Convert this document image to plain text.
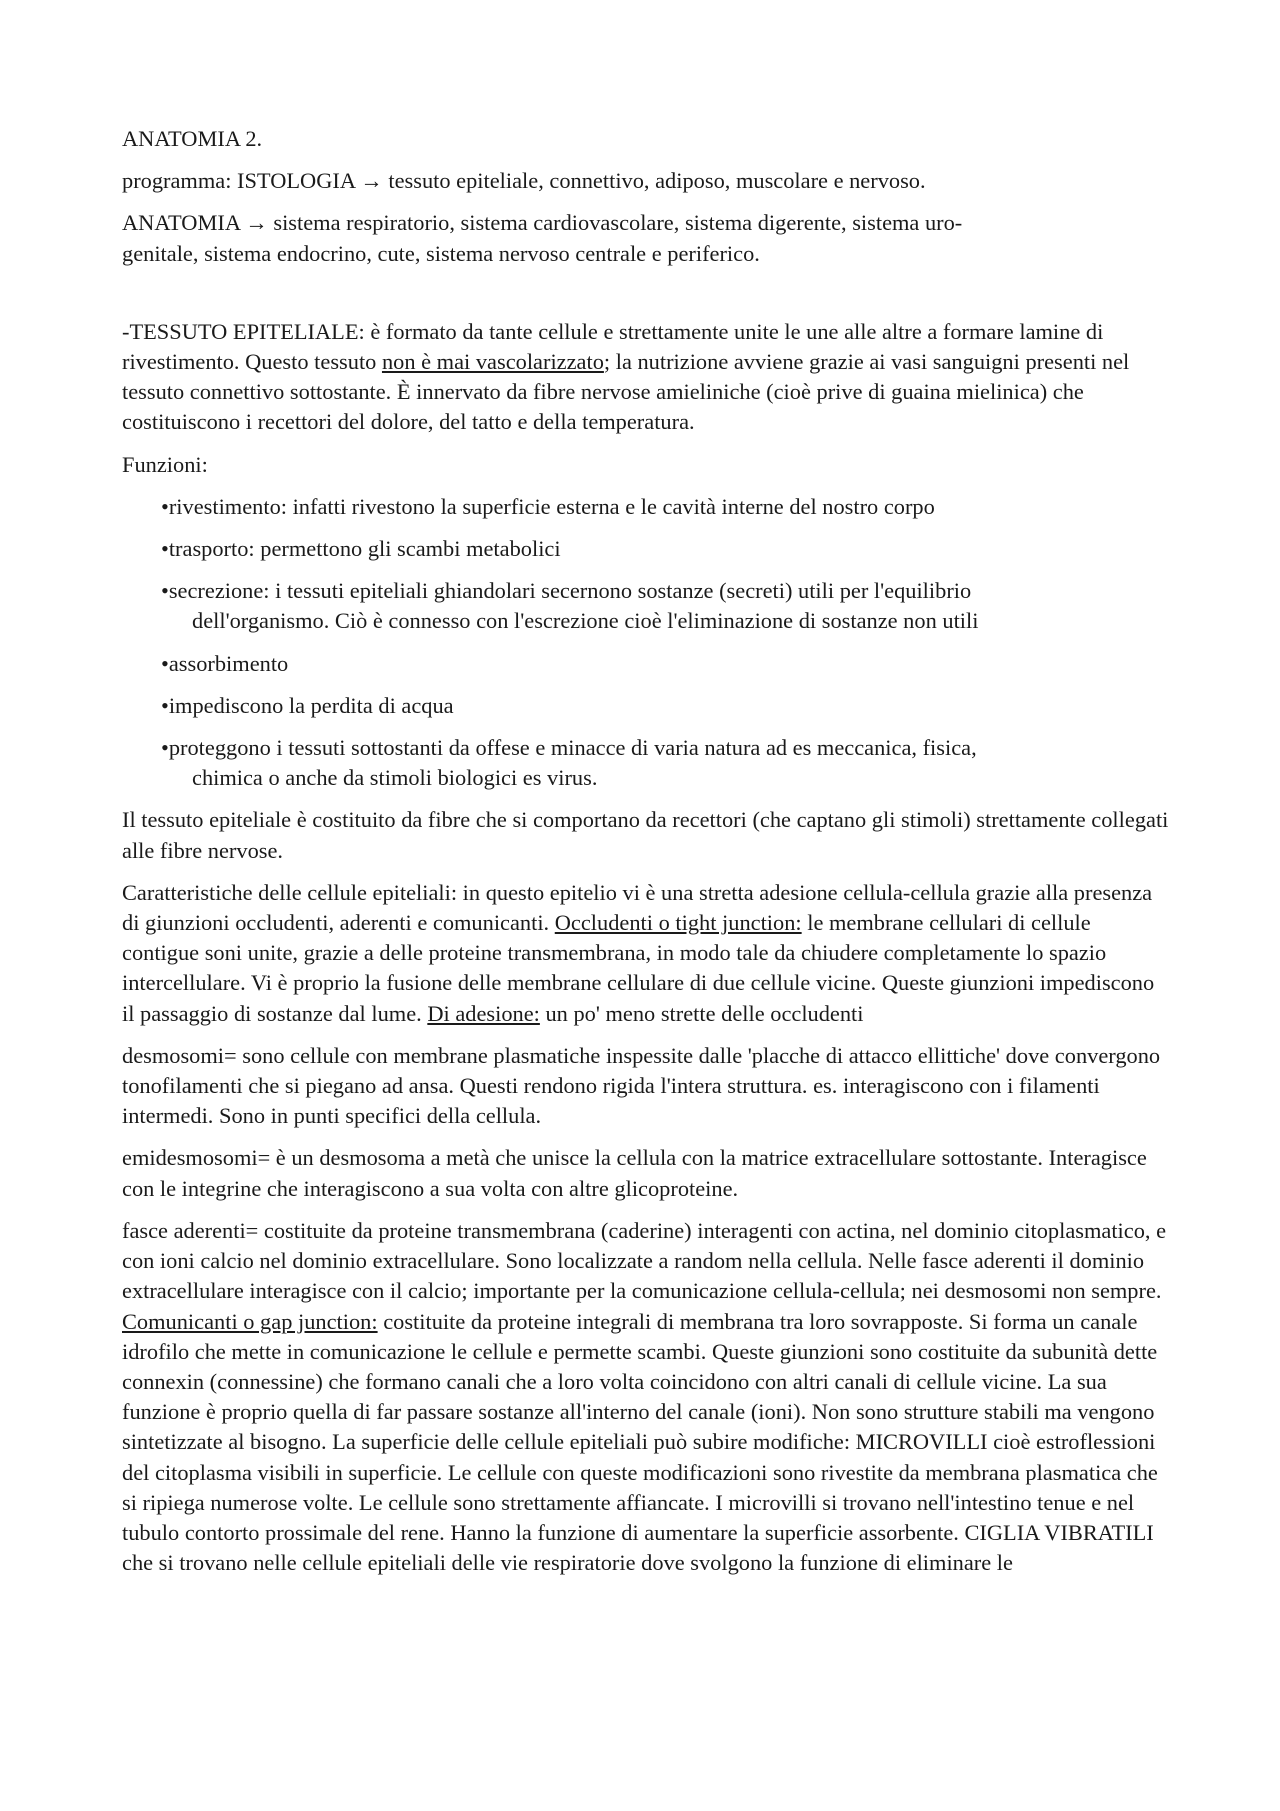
ANATOMIA 2.

programma: ISTOLOGIA → tessuto epiteliale, connettivo, adiposo, muscolare e nervoso.

ANATOMIA → sistema respiratorio, sistema cardiovascolare, sistema digerente, sistema uro-
genitale, sistema endocrino, cute, sistema nervoso centrale e periferico.

-TESSUTO EPITELIALE: è formato da tante cellule e strettamente unite le une alle altre a formare lamine di rivestimento. Questo tessuto non è mai vascolarizzato; la nutrizione avviene grazie ai vasi sanguigni presenti nel tessuto connettivo sottostante. È innervato da fibre nervose amieliniche (cioè prive di guaina mielinica) che costituiscono i recettori del dolore, del tatto e della temperatura.

Funzioni:

•rivestimento: infatti rivestono la superficie esterna e le cavità interne del nostro corpo
•trasporto: permettono gli scambi metabolici
•secrezione: i tessuti epiteliali ghiandolari secernono sostanze (secreti) utili per l'equilibrio
dell'organismo. Ciò è connesso con l'escrezione cioè l'eliminazione di sostanze non utili
•assorbimento
•impediscono la perdita di acqua
•proteggono i tessuti sottostanti da offese e minacce di varia natura ad es meccanica, fisica,
chimica o anche da stimoli biologici es virus.

Il tessuto epiteliale è costituito da fibre che si comportano da recettori (che captano gli stimoli) strettamente collegati alle fibre nervose.

Caratteristiche delle cellule epiteliali: in questo epitelio vi è una stretta adesione cellula-cellula grazie alla presenza di giunzioni occludenti, aderenti e comunicanti. Occludenti o tight junction: le membrane cellulari di cellule contigue soni unite, grazie a delle proteine transmembrana, in modo tale da chiudere completamente lo spazio intercellulare. Vi è proprio la fusione delle membrane cellulare di due cellule vicine. Queste giunzioni impediscono il passaggio di sostanze dal lume. Di adesione: un po' meno strette delle occludenti

desmosomi= sono cellule con membrane plasmatiche inspessite dalle 'placche di attacco ellittiche' dove convergono tonofilamenti che si piegano ad ansa. Questi rendono rigida l'intera struttura. es. interagiscono con i filamenti intermedi. Sono in punti specifici della cellula.

emidesmosomi= è un desmosoma a metà che unisce la cellula con la matrice extracellulare sottostante. Interagisce con le integrine che interagiscono a sua volta con altre glicoproteine.

fasce aderenti= costituite da proteine transmembrana (caderine) interagenti con actina, nel dominio citoplasmatico, e con ioni calcio nel dominio extracellulare. Sono localizzate a random nella cellula. Nelle fasce aderenti il dominio extracellulare interagisce con il calcio; importante per la comunicazione cellula-cellula; nei desmosomi non sempre. Comunicanti o gap junction: costituite da proteine integrali di membrana tra loro sovrapposte. Si forma un canale idrofilo che mette in comunicazione le cellule e permette scambi. Queste giunzioni sono costituite da subunità dette connexin (connessine) che formano canali che a loro volta coincidono con altri canali di cellule vicine. La sua funzione è proprio quella di far passare sostanze all'interno del canale (ioni). Non sono strutture stabili ma vengono sintetizzate al bisogno. La superficie delle cellule epiteliali può subire modifiche: MICROVILLI cioè estroflessioni del citoplasma visibili in superficie. Le cellule con queste modificazioni sono rivestite da membrana plasmatica che si ripiega numerose volte. Le cellule sono strettamente affiancate. I microvilli si trovano nell'intestino tenue e nel tubulo contorto prossimale del rene. Hanno la funzione di aumentare la superficie assorbente. CIGLIA VIBRATILI che si trovano nelle cellule epiteliali delle vie respiratorie dove svolgono la funzione di eliminare le
